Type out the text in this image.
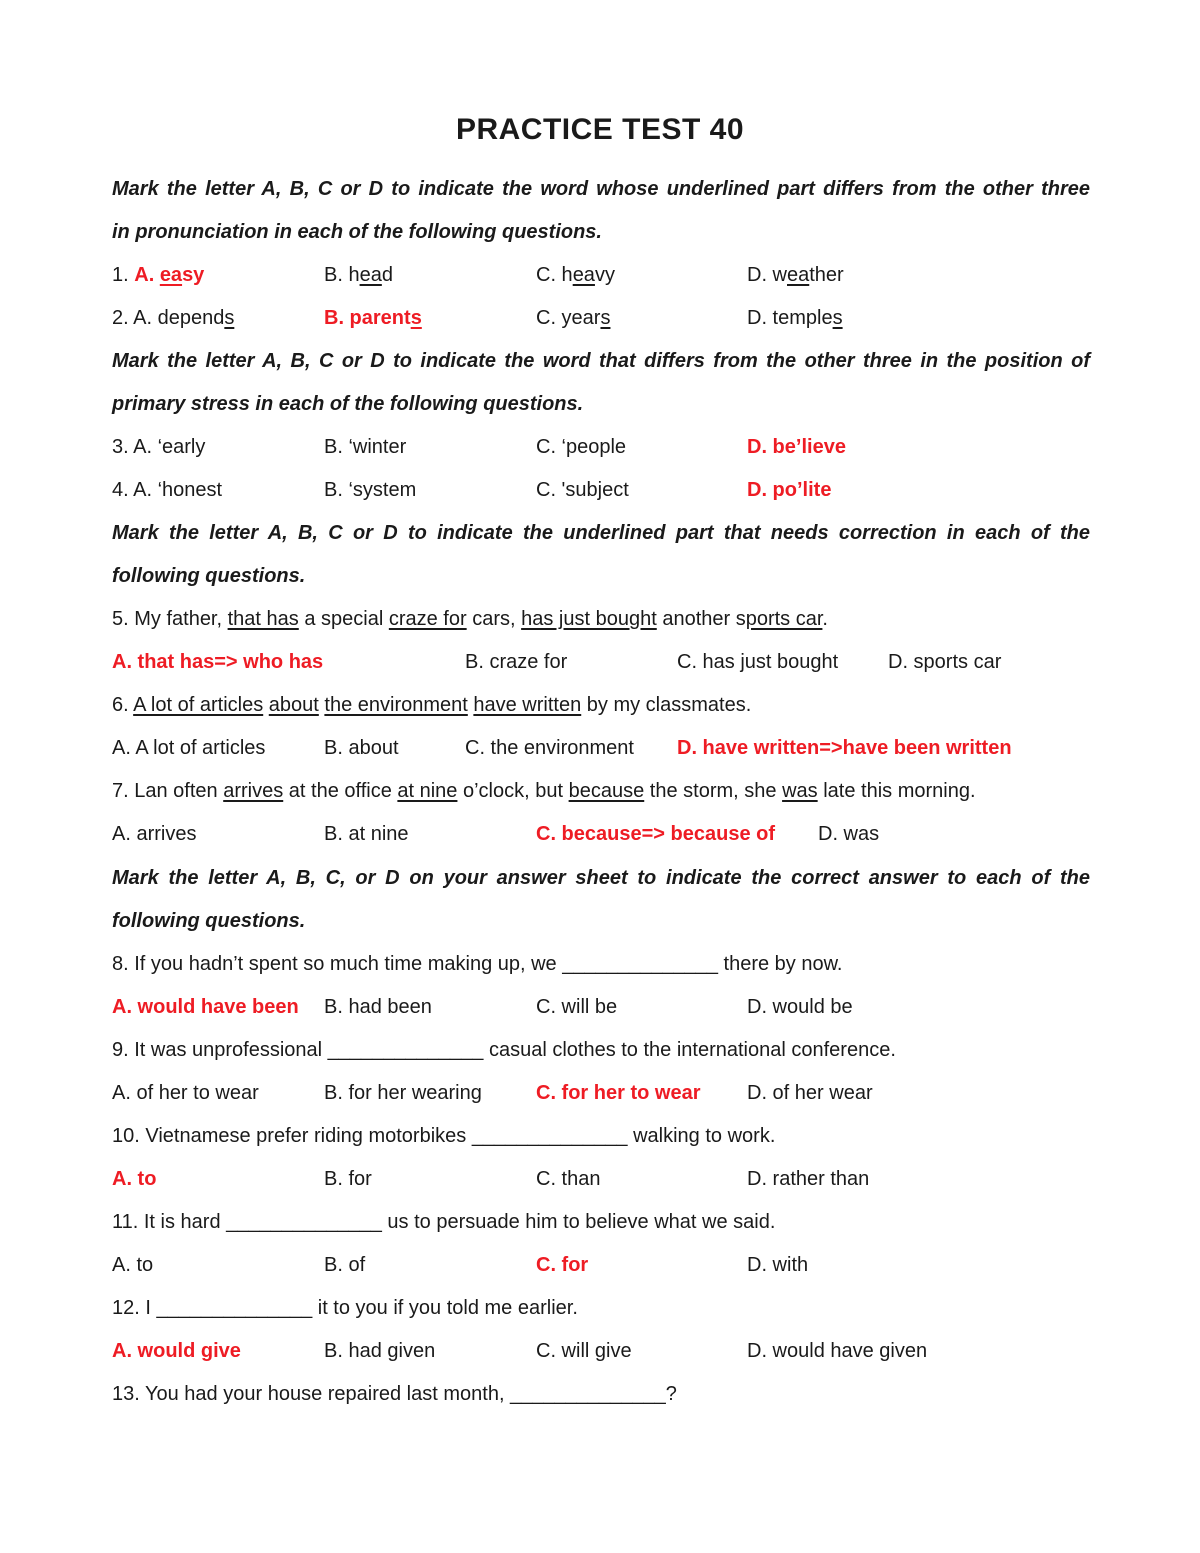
PRACTICE TEST 40
Mark the letter A, B, C or D to indicate the word whose underlined part differs from the other three
in pronunciation in each of the following questions.
1. A. easy	B. head	C. heavy	D. weather
2. A. depends	B. parents	C. years	D. temples
Mark the letter A, B, C or D to indicate the word that differs from the other three in the position of
primary stress in each of the following questions.
3. A. ‘early	B. ‘winter	C. ‘people	D. be’lieve
4. A. ‘honest	B. ‘system	C. 'subject	D. po’lite
Mark the letter A, B, C or D to indicate the underlined part that needs correction in each of the
following questions.
5. My father, that has a special craze for cars, has just bought another sports car.
A. that has=> who has	B. craze for	C. has just bought D. sports car
6. A lot of articles about the environment have written by my classmates.
A. A lot of articles	B. about	C. the environment D. have written=>have been written
7. Lan often arrives at the office at nine o’clock, but because the storm, she was late this morning.
A. arrives	B. at nine	C. because=> because of D. was
Mark the letter A, B, C, or D on your answer sheet to indicate the correct answer to each of the
following questions.
8. If you hadn’t spent so much time making up, we ______________ there by now.
A. would have been B. had been	C. will be	D. would be
9. It was unprofessional ______________ casual clothes to the international conference.
A. of her to wear	B. for her wearing	C. for her to wear D. of her wear
10. Vietnamese prefer riding motorbikes ______________ walking to work.
A. to	B. for	C. than	D. rather than
11. It is hard ______________ us to persuade him to believe what we said.
A. to	B. of	C. for	D. with
12. I ______________ it to you if you told me earlier.
A. would give	B. had given	C. will give	D. would have given
13. You had your house repaired last month, ______________?
